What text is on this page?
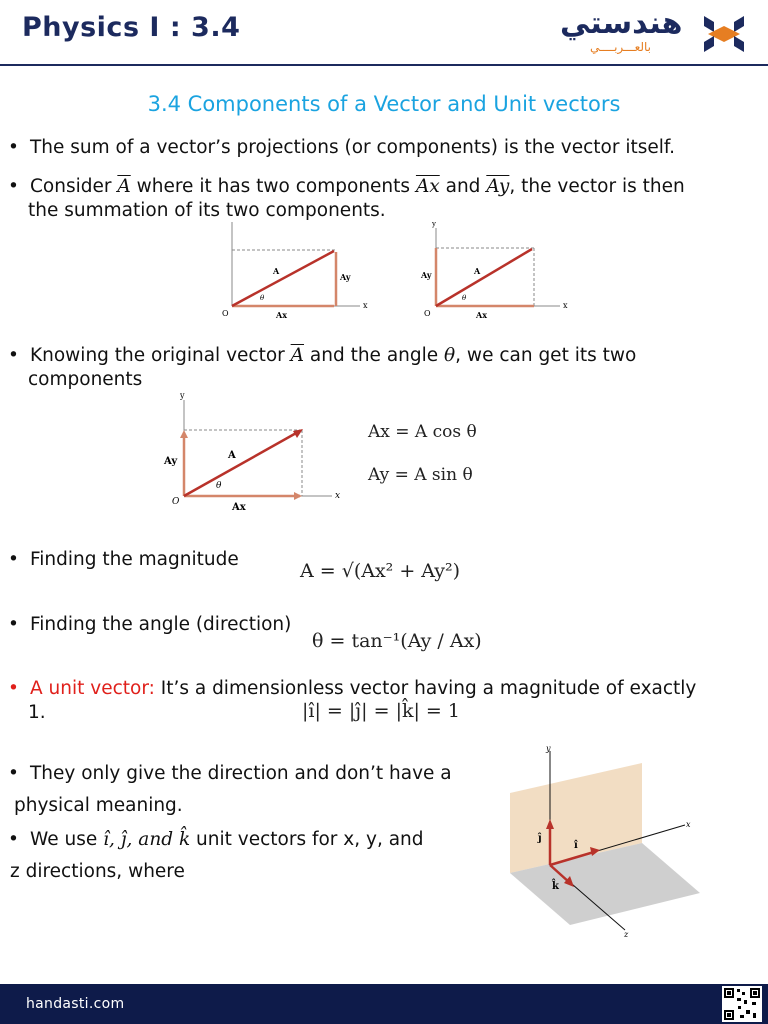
Physics I : 3.4	هندستي
بالعـــربــــي
3.4 Components of a Vector and Unit vectors
• The sum of a vector’s projections (or components) is the vector itself.
• Consider $\overline{A}$ where it has two components $\overline{Ax}$ and $\overline{Ay}$, the vector is then
the summation of its two components.
O
x
A
Ax
Ay
θ
y
O
x
A
Ax
Ay
θ
• Knowing the original vector $\overline{A}$ and the angle θ, we can get its two
components
y
O
x
A
Ax
Ay
θ
Ax = A cos θ
Ay = A sin θ
• Finding the magnitude
A = √(Ax² + Ay²)
• Finding the angle (direction)
θ = tan⁻¹(Ay / Ax)
• A unit vector: It’s a dimensionless vector having a magnitude of exactly
1.	|î| = |ĵ| = |k̂| = 1
• They only give the direction and don’t have a
physical meaning.
• We use î, ĵ, and k̂ unit vectors for x, y, and
z directions, where
y
x
z
ĵ
î
k̂
handasti.com
